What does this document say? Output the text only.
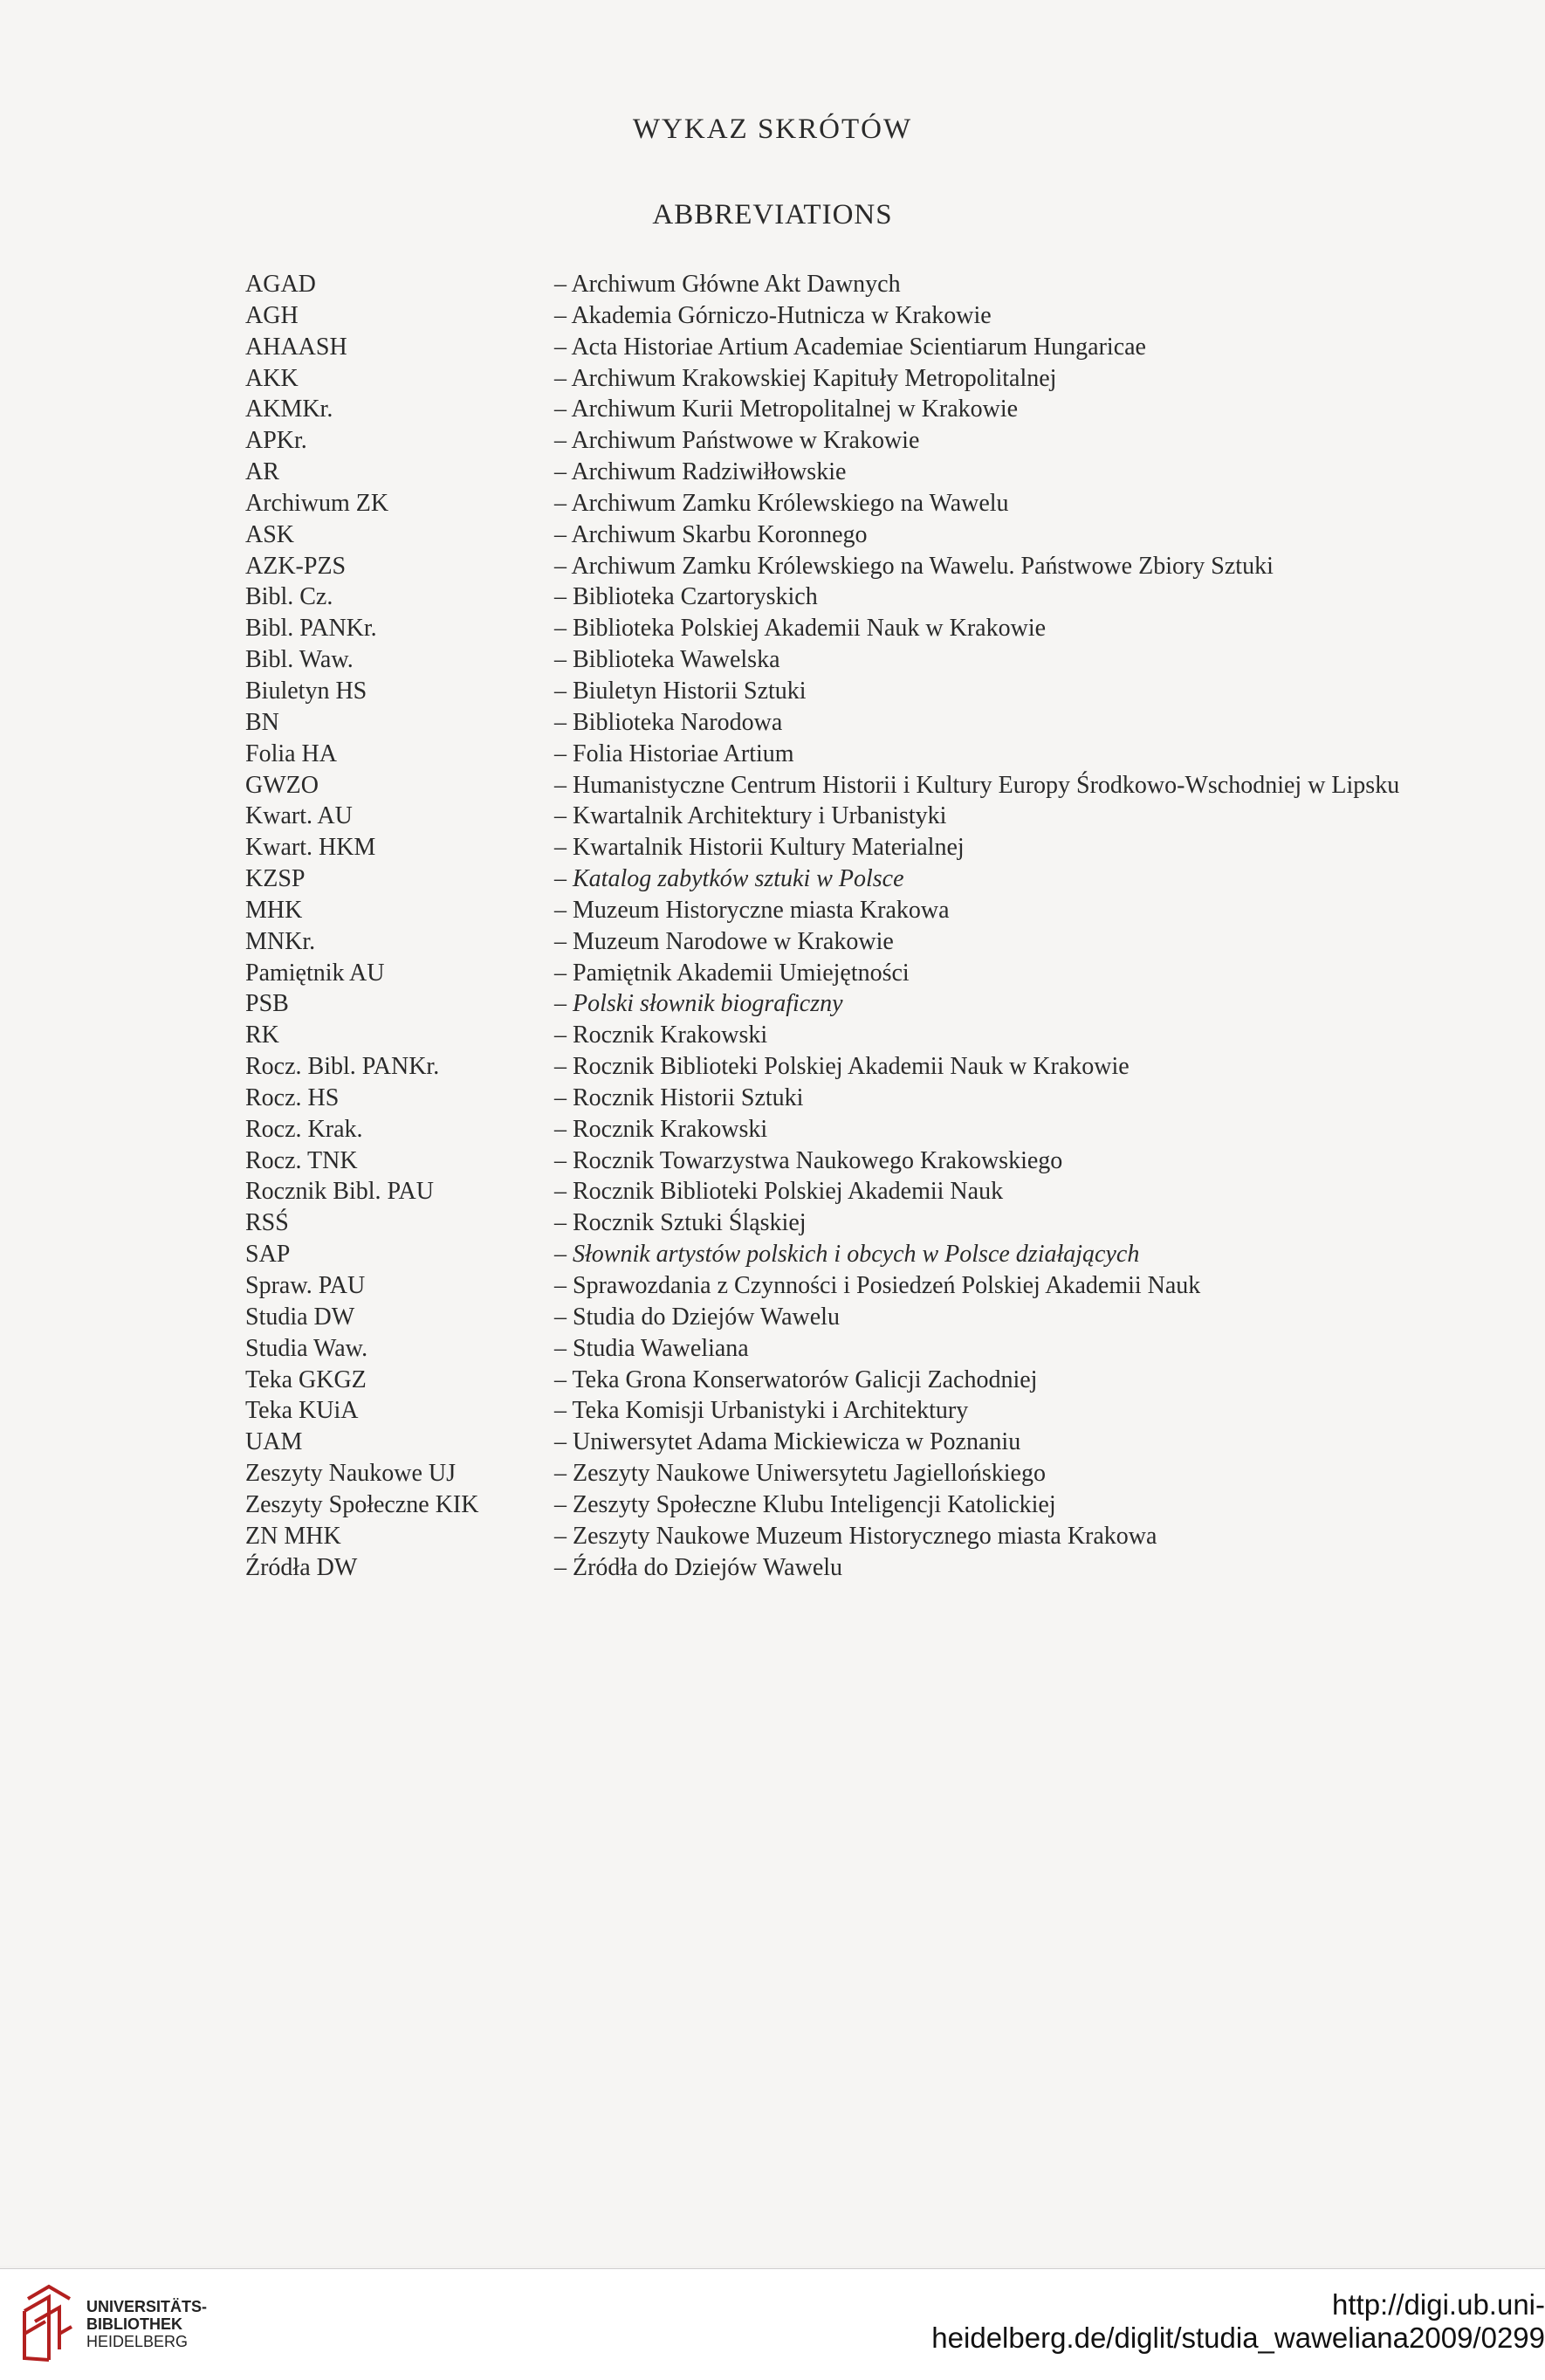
WYKAZ SKRÓTÓW
ABBREVIATIONS
AGAD	– Archiwum Główne Akt Dawnych
AGH	– Akademia Górniczo-Hutnicza w Krakowie
AHAASH	– Acta Historiae Artium Academiae Scientiarum Hungaricae
AKK	– Archiwum Krakowskiej Kapituły Metropolitalnej
AKMKr.	– Archiwum Kurii Metropolitalnej w Krakowie
APKr.	– Archiwum Państwowe w Krakowie
AR	– Archiwum Radziwiłłowskie
Archiwum ZK	– Archiwum Zamku Królewskiego na Wawelu
ASK	– Archiwum Skarbu Koronnego
AZK-PZS	– Archiwum Zamku Królewskiego na Wawelu. Państwowe Zbiory Sztuki
Bibl. Cz.	– Biblioteka Czartoryskich
Bibl. PANKr.	– Biblioteka Polskiej Akademii Nauk w Krakowie
Bibl. Waw.	– Biblioteka Wawelska
Biuletyn HS	– Biuletyn Historii Sztuki
BN	– Biblioteka Narodowa
Folia HA	– Folia Historiae Artium
GWZO	– Humanistyczne Centrum Historii i Kultury Europy Środkowo-Wschodniej w Lipsku
Kwart. AU	– Kwartalnik Architektury i Urbanistyki
Kwart. HKM	– Kwartalnik Historii Kultury Materialnej
KZSP	– Katalog zabytków sztuki w Polsce
MHK	– Muzeum Historyczne miasta Krakowa
MNKr.	– Muzeum Narodowe w Krakowie
Pamiętnik AU	– Pamiętnik Akademii Umiejętności
PSB	– Polski słownik biograficzny
RK	– Rocznik Krakowski
Rocz. Bibl. PANKr.	– Rocznik Biblioteki Polskiej Akademii Nauk w Krakowie
Rocz. HS	– Rocznik Historii Sztuki
Rocz. Krak.	– Rocznik Krakowski
Rocz. TNK	– Rocznik Towarzystwa Naukowego Krakowskiego
Rocznik Bibl. PAU	– Rocznik Biblioteki Polskiej Akademii Nauk
RSŚ	– Rocznik Sztuki Śląskiej
SAP	– Słownik artystów polskich i obcych w Polsce działających
Spraw. PAU	– Sprawozdania z Czynności i Posiedzeń Polskiej Akademii Nauk
Studia DW	– Studia do Dziejów Wawelu
Studia Waw.	– Studia Waweliana
Teka GKGZ	– Teka Grona Konserwatorów Galicji Zachodniej
Teka KUiA	– Teka Komisji Urbanistyki i Architektury
UAM	– Uniwersytet Adama Mickiewicza w Poznaniu
Zeszyty Naukowe UJ	– Zeszyty Naukowe Uniwersytetu Jagiellońskiego
Zeszyty Społeczne KIK	– Zeszyty Społeczne Klubu Inteligencji Katolickiej
ZN MHK	– Zeszyty Naukowe Muzeum Historycznego miasta Krakowa
Źródła DW	– Źródła do Dziejów Wawelu
UNIVERSITÄTS-
BIBLIOTHEK
HEIDELBERG
http://digi.ub.uni-heidelberg.de/diglit/studia_waweliana2009/0299
